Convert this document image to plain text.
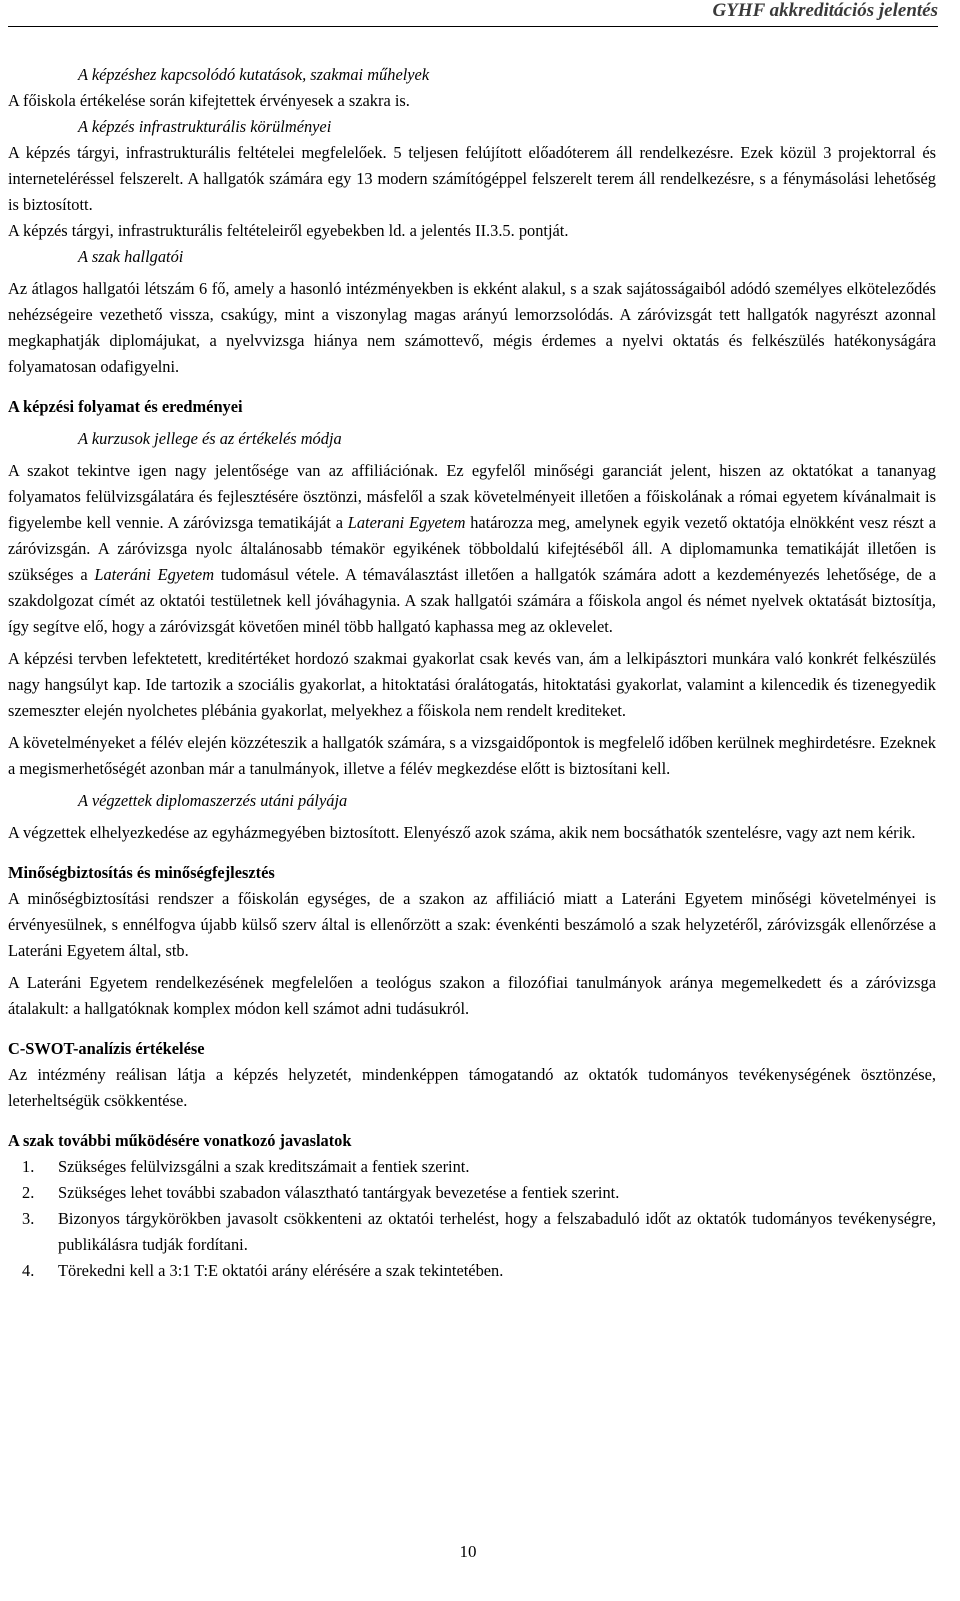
GYHF akkreditációs jelentés

A képzéshez kapcsolódó kutatások, szakmai műhelyek

A főiskola értékelése során kifejtettek érvényesek a szakra is.

A képzés infrastrukturális körülményei

A képzés tárgyi, infrastrukturális feltételei megfelelőek. 5 teljesen felújított előadóterem áll rendelkezésre. Ezek közül 3 projektorral és interneteléréssel felszerelt. A hallgatók számára egy 13 modern számítógéppel felszerelt terem áll rendelkezésre, s a fénymásolási lehetőség is biztosított.

A képzés tárgyi, infrastrukturális feltételeiről egyebekben ld. a jelentés II.3.5. pontját.

A szak hallgatói

Az átlagos hallgatói létszám 6 fő, amely a hasonló intézményekben is ekként alakul, s a szak sajátosságaiból adódó személyes elköteleződés nehézségeire vezethető vissza, csakúgy, mint a viszonylag magas arányú lemorzsolódás. A záróvizsgát tett hallgatók nagyrészt azonnal megkaphatják diplomájukat, a nyelvvizsga hiánya nem számottevő, mégis érdemes a nyelvi oktatás és felkészülés hatékonyságára folyamatosan odafigyelni.

A képzési folyamat és eredményei

A kurzusok jellege és az értékelés módja

A szakot tekintve igen nagy jelentősége van az affiliációnak. Ez egyfelől minőségi garanciát jelent, hiszen az oktatókat a tananyag folyamatos felülvizsgálatára és fejlesztésére ösztönzi, másfelől a szak követelményeit illetően a főiskolának a római egyetem kívánalmait is figyelembe kell vennie. A záróvizsga tematikáját a Laterani Egyetem határozza meg, amelynek egyik vezető oktatója elnökként vesz részt a záróvizsgán. A záróvizsga nyolc általánosabb témakör egyikének többoldalú kifejtéséből áll. A diplomamunka tematikáját illetően is szükséges a Lateráni Egyetem tudomásul vétele. A témaválasztást illetően a hallgatók számára adott a kezdeményezés lehetősége, de a szakdolgozat címét az oktatói testületnek kell jóváhagynia. A szak hallgatói számára a főiskola angol és német nyelvek oktatását biztosítja, így segítve elő, hogy a záróvizsgát követően minél több hallgató kaphassa meg az oklevelet.

A képzési tervben lefektetett, kreditértéket hordozó szakmai gyakorlat csak kevés van, ám a lelkipásztori munkára való konkrét felkészülés nagy hangsúlyt kap. Ide tartozik a szociális gyakorlat, a hitoktatási óralátogatás, hitoktatási gyakorlat, valamint a kilencedik és tizenegyedik szemeszter elején nyolchetes plébánia gyakorlat, melyekhez a főiskola nem rendelt krediteket.

A követelményeket a félév elején közzéteszik a hallgatók számára, s a vizsgaidőpontok is megfelelő időben kerülnek meghirdetésre. Ezeknek a megismerhetőségét azonban már a tanulmányok, illetve a félév megkezdése előtt is biztosítani kell.

A végzettek diplomaszerzés utáni pályája

A végzettek elhelyezkedése az egyházmegyében biztosított. Elenyésző azok száma, akik nem bocsáthatók szentelésre, vagy azt nem kérik.

Minőségbiztosítás és minőségfejlesztés

A minőségbiztosítási rendszer a főiskolán egységes, de a szakon az affiliáció miatt a Lateráni Egyetem minőségi követelményei is érvényesülnek, s ennélfogva újabb külső szerv által is ellenőrzött a szak: évenkénti beszámoló a szak helyzetéről, záróvizsgák ellenőrzése a Lateráni Egyetem által, stb.

A Lateráni Egyetem rendelkezésének megfelelően a teológus szakon a filozófiai tanulmányok aránya megemelkedett és a záróvizsga átalakult: a hallgatóknak komplex módon kell számot adni tudásukról.

C-SWOT-analízis értékelése

Az intézmény reálisan látja a képzés helyzetét, mindenképpen támogatandó az oktatók tudományos tevékenységének ösztönzése, leterheltségük csökkentése.

A szak további működésére vonatkozó javaslatok

1. Szükséges felülvizsgálni a szak kreditszámait a fentiek szerint.
2. Szükséges lehet további szabadon választható tantárgyak bevezetése a fentiek szerint.
3. Bizonyos tárgykörökben javasolt csökkenteni az oktatói terhelést, hogy a felszabaduló időt az oktatók tudományos tevékenységre, publikálásra tudják fordítani.
4. Törekedni kell a 3:1 T:E oktatói arány elérésére a szak tekintetében.
10
